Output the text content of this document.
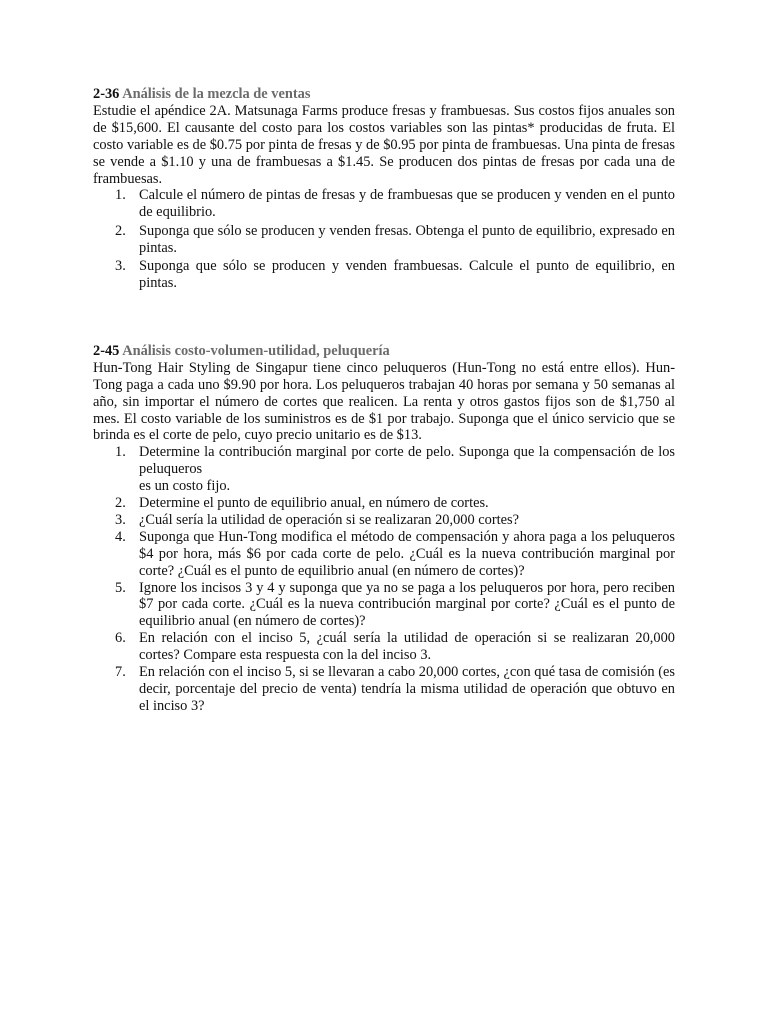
2-36 Análisis de la mezcla de ventas

Estudie el apéndice 2A. Matsunaga Farms produce fresas y frambuesas. Sus costos fijos anuales son de $15,600. El causante del costo para los costos variables son las pintas* producidas de fruta. El costo variable es de $0.75 por pinta de fresas y de $0.95 por pinta de frambuesas. Una pinta de fresas se vende a $1.10 y una de frambuesas a $1.45. Se producen dos pintas de fresas por cada una de frambuesas.

1. Calcule el número de pintas de fresas y de frambuesas que se producen y venden en el punto de equilibrio.
2. Suponga que sólo se producen y venden fresas. Obtenga el punto de equilibrio, expresado en pintas.
3. Suponga que sólo se producen y venden frambuesas. Calcule el punto de equilibrio, en pintas.

2-45 Análisis costo-volumen-utilidad, peluquería

Hun-Tong Hair Styling de Singapur tiene cinco peluqueros (Hun-Tong no está entre ellos). Hun-Tong paga a cada uno $9.90 por hora. Los peluqueros trabajan 40 horas por semana y 50 semanas al año, sin importar el número de cortes que realicen. La renta y otros gastos fijos son de $1,750 al mes. El costo variable de los suministros es de $1 por trabajo. Suponga que el único servicio que se brinda es el corte de pelo, cuyo precio unitario es de $13.

1. Determine la contribución marginal por corte de pelo. Suponga que la compensación de los peluqueros
es un costo fijo.
2. Determine el punto de equilibrio anual, en número de cortes.
3. ¿Cuál sería la utilidad de operación si se realizaran 20,000 cortes?
4. Suponga que Hun-Tong modifica el método de compensación y ahora paga a los peluqueros $4 por hora, más $6 por cada corte de pelo. ¿Cuál es la nueva contribución marginal por corte? ¿Cuál es el punto de equilibrio anual (en número de cortes)?
5. Ignore los incisos 3 y 4 y suponga que ya no se paga a los peluqueros por hora, pero reciben $7 por cada corte. ¿Cuál es la nueva contribución marginal por corte? ¿Cuál es el punto de equilibrio anual (en número de cortes)?
6. En relación con el inciso 5, ¿cuál sería la utilidad de operación si se realizaran 20,000 cortes? Compare esta respuesta con la del inciso 3.
7. En relación con el inciso 5, si se llevaran a cabo 20,000 cortes, ¿con qué tasa de comisión (es decir, porcentaje del precio de venta) tendría la misma utilidad de operación que obtuvo en el inciso 3?
